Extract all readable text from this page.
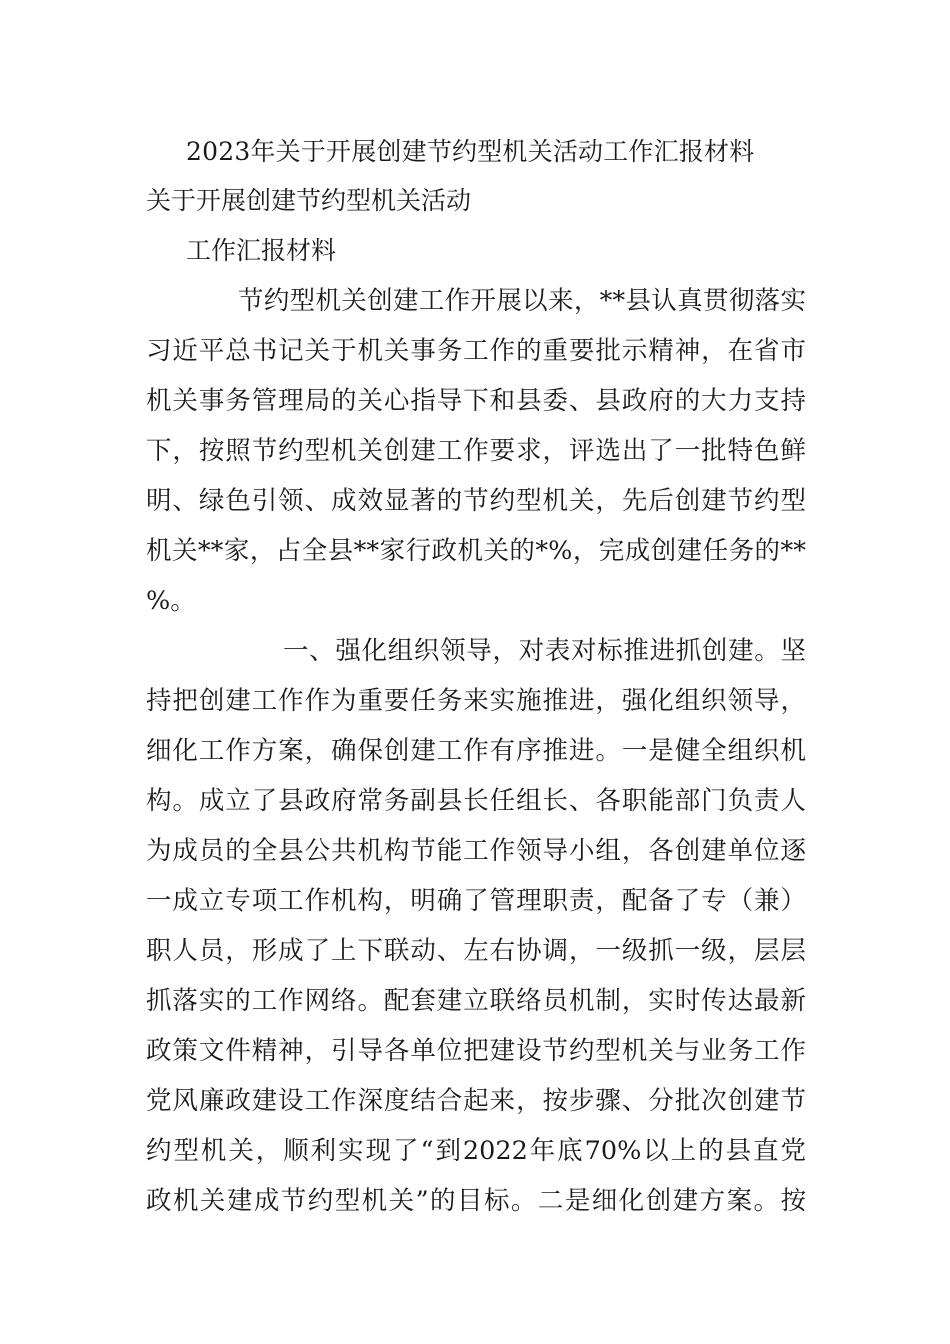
2023年关于开展创建节约型机关活动工作汇报材料
关于开展创建节约型机关活动
工作汇报材料
节约型机关创建工作开展以来，**县认真贯彻落实
习近平总书记关于机关事务工作的重要批示精神，在省市
机关事务管理局的关心指导下和县委、县政府的大力支持
下，按照节约型机关创建工作要求，评选出了一批特色鲜
明、绿色引领、成效显著的节约型机关，先后创建节约型
机关**家，占全县**家行政机关的*%，完成创建任务的**
%。
一、强化组织领导，对表对标推进抓创建。坚
持把创建工作作为重要任务来实施推进，强化组织领导，
细化工作方案，确保创建工作有序推进。一是健全组织机
构。成立了县政府常务副县长任组长、各职能部门负责人
为成员的全县公共机构节能工作领导小组，各创建单位逐
一成立专项工作机构，明确了管理职责，配备了专（兼）
职人员，形成了上下联动、左右协调，一级抓一级，层层
抓落实的工作网络。配套建立联络员机制，实时传达最新
政策文件精神，引导各单位把建设节约型机关与业务工作
党风廉政建设工作深度结合起来，按步骤、分批次创建节
约型机关，顺利实现了“到2022年底70%以上的县直党
政机关建成节约型机关”的目标。二是细化创建方案。按
